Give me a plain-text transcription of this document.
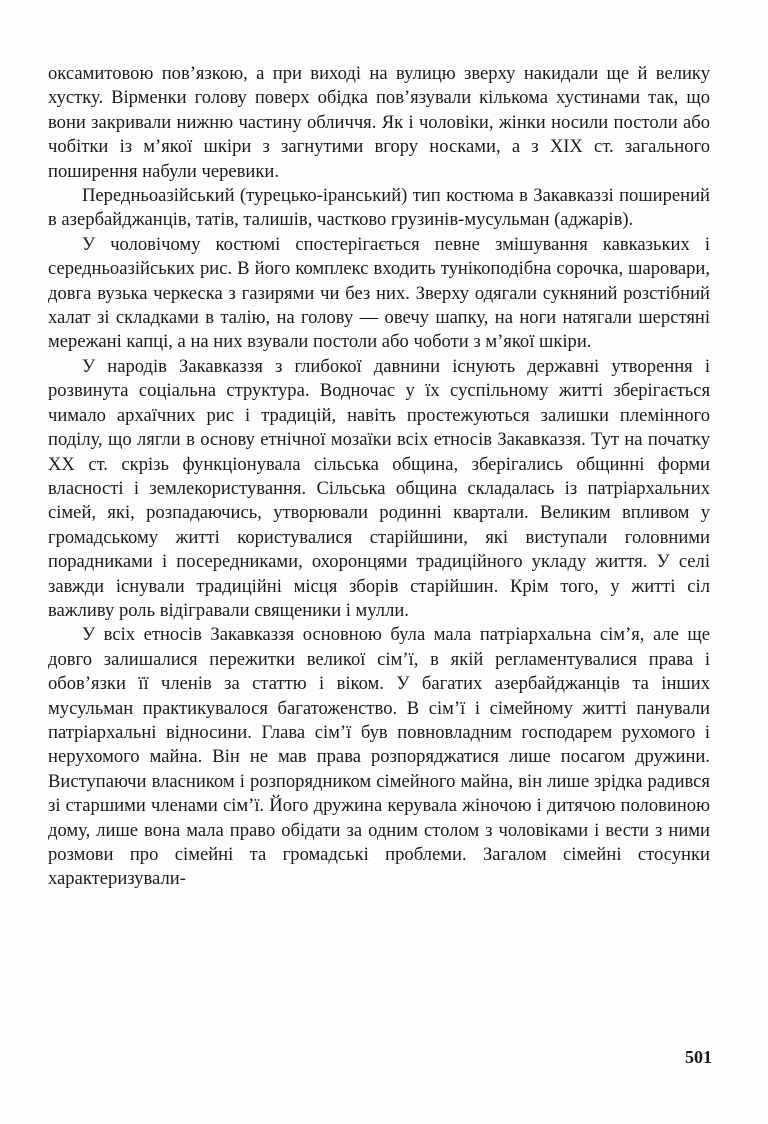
оксамитовою пов’язкою, а при виході на вулицю зверху накидали ще й велику хустку. Вірменки голову поверх обідка пов’язували кількома хустинами так, що вони закривали нижню частину обличчя. Як і чоловіки, жінки носили постоли або чобітки із м’якої шкіри з загнутими вгору носками, а з XIX ст. загального поширення набули черевики.

Передньоазійський (турецько-іранський) тип костюма в Закавказзі поширений в азербайджанців, татів, талишів, частково грузинів-мусульман (аджарів).

У чоловічому костюмі спостерігається певне змішування кавказьких і середньоазійських рис. В його комплекс входить тунікоподібна сорочка, шаровари, довга вузька черкеска з газирями чи без них. Зверху одягали сукняний розстібний халат зі складками в талію, на голову — овечу шапку, на ноги натягали шерстяні мережані капці, а на них взували постоли або чоботи з м’якої шкіри.

У народів Закавказзя з глибокої давнини існують державні утворення і розвинута соціальна структура. Водночас у їх суспільному житті зберігається чимало архаїчних рис і традицій, навіть простежуються залишки племінного поділу, що лягли в основу етнічної мозаїки всіх етносів Закавказзя. Тут на початку XX ст. скрізь функціонувала сільська община, зберігались общинні форми власності і землекористування. Сільська община складалась із патріархальних сімей, які, розпадаючись, утворювали родинні квартали. Великим впливом у громадському житті користувалися старійшини, які виступали головними порадниками і посередниками, охоронцями традиційного укладу життя. У селі завжди існували традиційні місця зборів старійшин. Крім того, у житті сіл важливу роль відігравали священики і мулли.

У всіх етносів Закавказзя основною була мала патріархальна сім’я, але ще довго залишалися пережитки великої сім’ї, в якій регламентувалися права і обов’язки її членів за статтю і віком. У багатих азербайджанців та інших мусульман практикувалося багатоженство. В сім’ї і сімейному житті панували патріархальні відносини. Глава сім’ї був повновладним господарем рухомого і нерухомого майна. Він не мав права розпоряджатися лише посагом дружини. Виступаючи власником і розпорядником сімейного майна, він лише зрідка радився зі старшими членами сім’ї. Його дружина керувала жіночою і дитячою половиною дому, лише вона мала право обідати за одним столом з чоловіками і вести з ними розмови про сімейні та громадські проблеми. Загалом сімейні стосунки характеризували-

501
